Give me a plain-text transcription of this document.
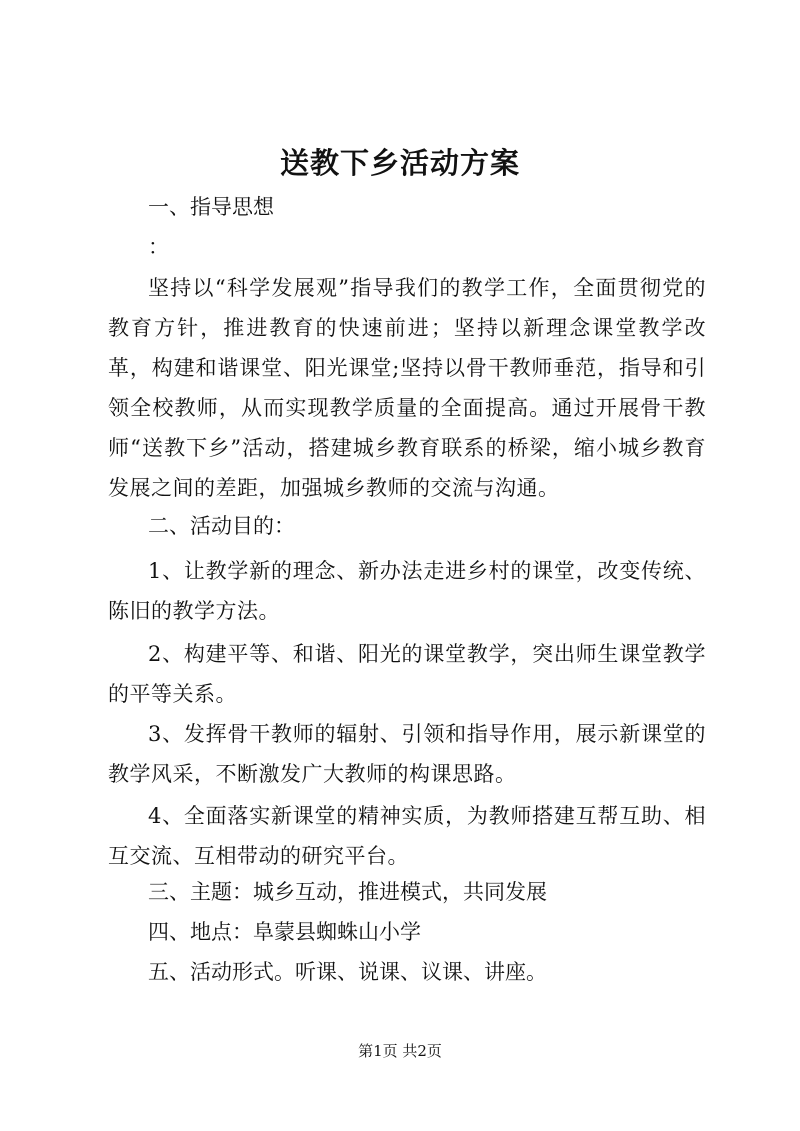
送教下乡活动方案
一、指导思想
：
坚持以“科学发展观”指导我们的教学工作，全面贯彻党的教育方针，推进教育的快速前进；坚持以新理念课堂教学改革，构建和谐课堂、阳光课堂;坚持以骨干教师垂范，指导和引领全校教师，从而实现教学质量的全面提高。通过开展骨干教师“送教下乡”活动，搭建城乡教育联系的桥梁，缩小城乡教育发展之间的差距，加强城乡教师的交流与沟通。
二、活动目的：
1、让教学新的理念、新办法走进乡村的课堂，改变传统、陈旧的教学方法。
2、构建平等、和谐、阳光的课堂教学，突出师生课堂教学的平等关系。
3、发挥骨干教师的辐射、引领和指导作用，展示新课堂的教学风采，不断激发广大教师的构课思路。
4、全面落实新课堂的精神实质，为教师搭建互帮互助、相互交流、互相带动的研究平台。
三、主题：城乡互动，推进模式，共同发展
四、地点：阜蒙县蜘蛛山小学
五、活动形式。听课、说课、议课、讲座。
第1页 共2页
